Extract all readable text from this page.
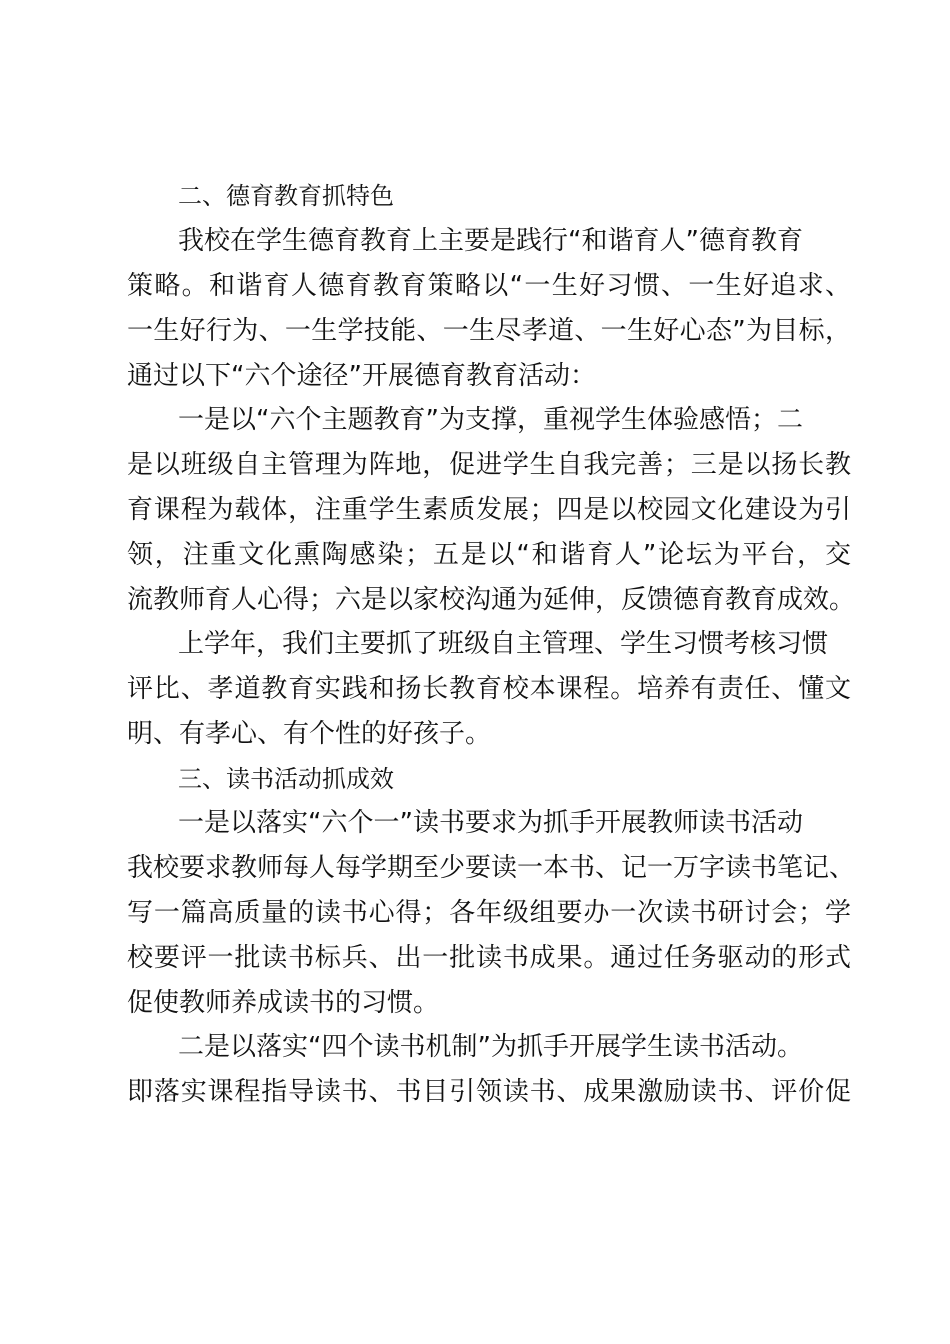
二、德育教育抓特色
我校在学生德育教育上主要是践行“和谐育人”德育教育
策略。和谐育人德育教育策略以“一生好习惯、一生好追求、
一生好行为、一生学技能、一生尽孝道、一生好心态”为目标，
通过以下“六个途径”开展德育教育活动：
一是以“六个主题教育”为支撑，重视学生体验感悟；二
是以班级自主管理为阵地，促进学生自我完善；三是以扬长教
育课程为载体，注重学生素质发展；四是以校园文化建设为引
领，注重文化熏陶感染；五是以“和谐育人”论坛为平台，交
流教师育人心得；六是以家校沟通为延伸，反馈德育教育成效。
上学年，我们主要抓了班级自主管理、学生习惯考核习惯
评比、孝道教育实践和扬长教育校本课程。培养有责任、懂文
明、有孝心、有个性的好孩子。
三、读书活动抓成效
一是以落实“六个一”读书要求为抓手开展教师读书活动
我校要求教师每人每学期至少要读一本书、记一万字读书笔记、
写一篇高质量的读书心得；各年级组要办一次读书研讨会；学
校要评一批读书标兵、出一批读书成果。通过任务驱动的形式
促使教师养成读书的习惯。
二是以落实“四个读书机制”为抓手开展学生读书活动。
即落实课程指导读书、书目引领读书、成果激励读书、评价促
